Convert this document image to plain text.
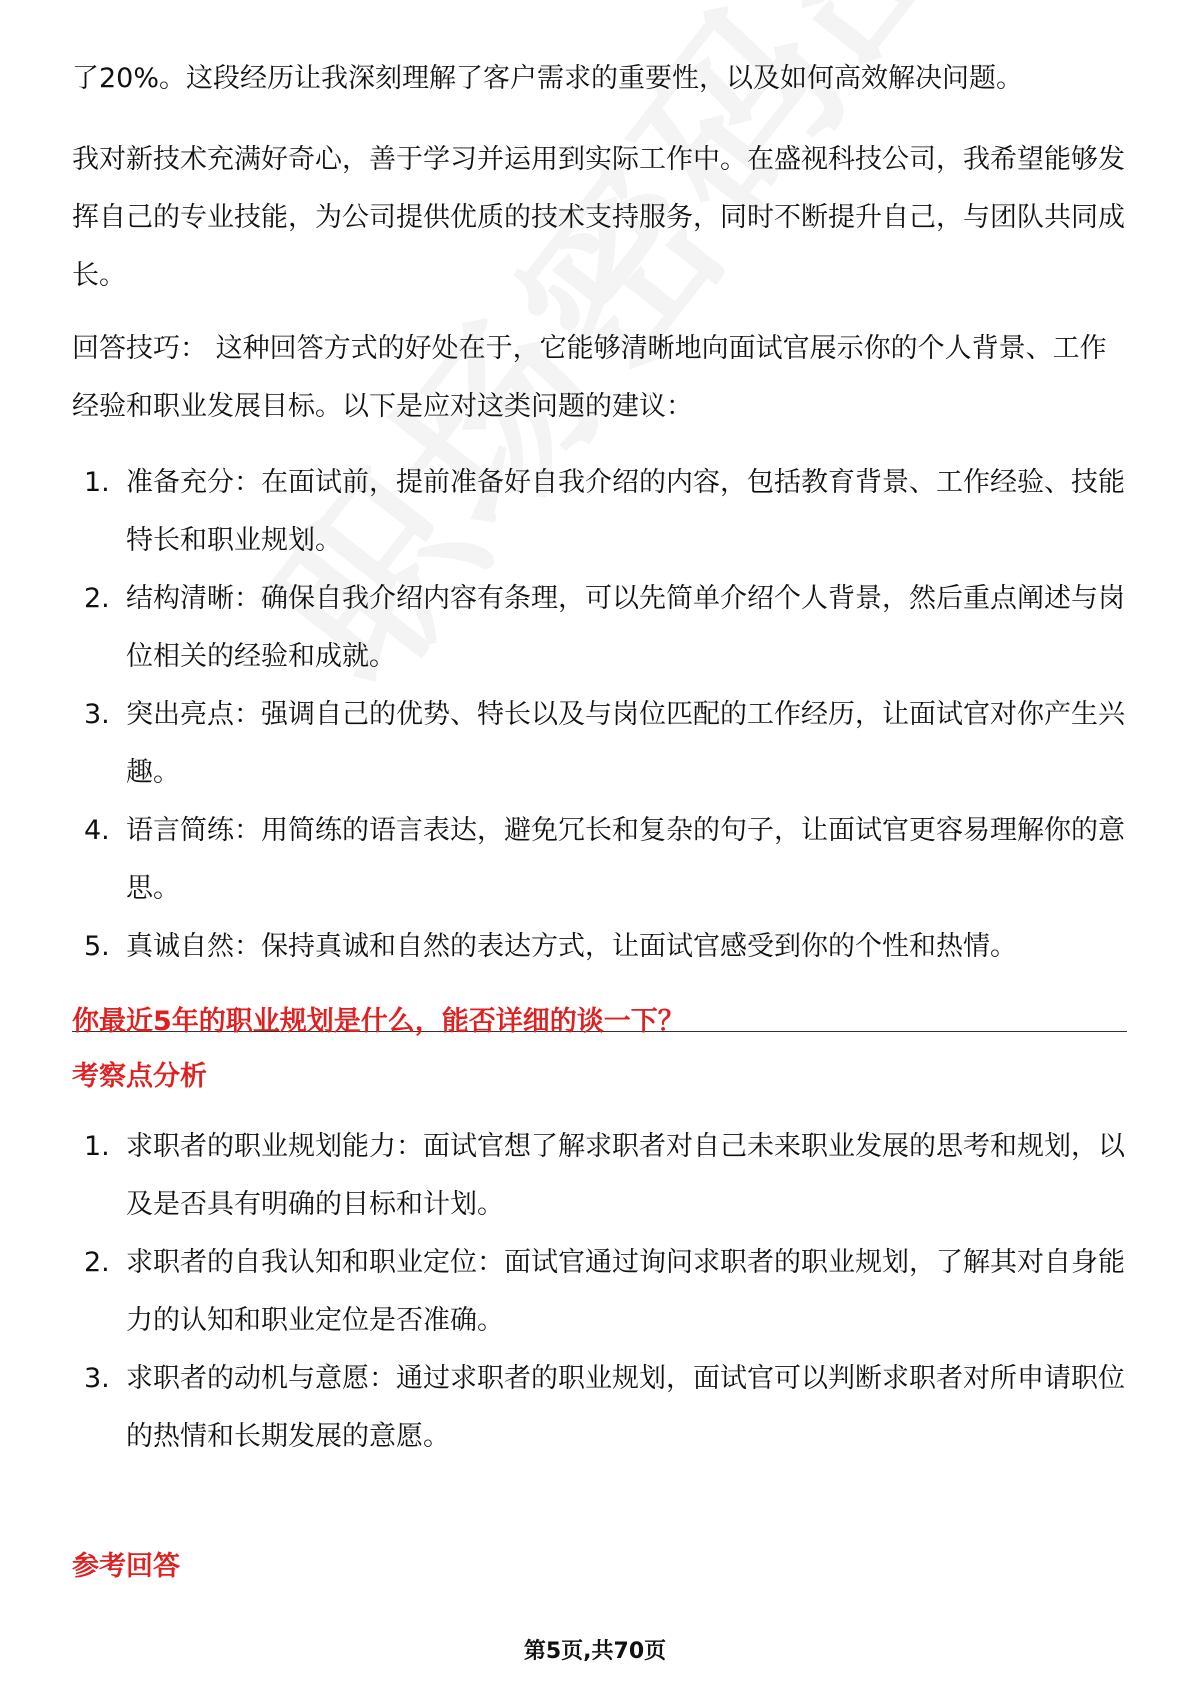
了20%。这段经历让我深刻理解了客户需求的重要性，以及如何高效解决问题。

我对新技术充满好奇心，善于学习并运用到实际工作中。在盛视科技公司，我希望能够发挥自己的专业技能，为公司提供优质的技术支持服务，同时不断提升自己，与团队共同成长。

回答技巧： 这种回答方式的好处在于，它能够清晰地向面试官展示你的个人背景、工作经验和职业发展目标。以下是应对这类问题的建议：

1. 准备充分：在面试前，提前准备好自我介绍的内容，包括教育背景、工作经验、技能特长和职业规划。
2. 结构清晰：确保自我介绍内容有条理，可以先简单介绍个人背景，然后重点阐述与岗位相关的经验和成就。
3. 突出亮点：强调自己的优势、特长以及与岗位匹配的工作经历，让面试官对你产生兴趣。
4. 语言简练：用简练的语言表达，避免冗长和复杂的句子，让面试官更容易理解你的意思。
5. 真诚自然：保持真诚和自然的表达方式，让面试官感受到你的个性和热情。
你最近5年的职业规划是什么，能否详细的谈一下？
考察点分析
1. 求职者的职业规划能力：面试官想了解求职者对自己未来职业发展的思考和规划，以及是否具有明确的目标和计划。
2. 求职者的自我认知和职业定位：面试官通过询问求职者的职业规划，了解其对自身能力的认知和职业定位是否准确。
3. 求职者的动机与意愿：通过求职者的职业规划，面试官可以判断求职者对所申请职位的热情和长期发展的意愿。
参考回答
第5页,共70页
